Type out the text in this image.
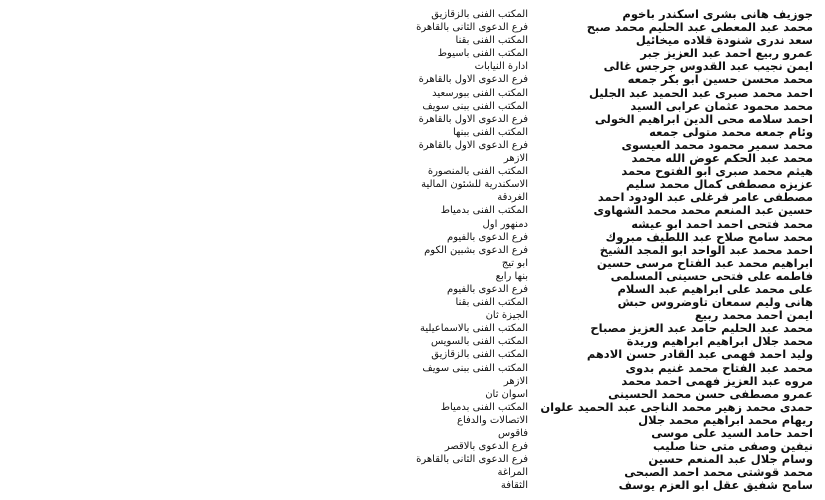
جوزيف هانى بشرى اسكندر باخوم
المكتب الفنى بالزقازيق
محمد عبد المعطى عبد الحليم محمد صبح
فرع الدعوى الثانى بالقاهرة
سعد ندرى شنودة قلاده ميخائيل
المكتب الفنى بقنا
عمرو ربيع احمد عبد العزيز جبر
المكتب الفنى باسيوط
ايمن نجيب عبد القدوس جرجس غالى
ادارة النيابات
محمد محسن حسين ابو بكر جمعه
فرع الدعوى الاول بالقاهرة
احمد محمد صبرى عبد الحميد عبد الجليل
المكتب الفنى ببورسعيد
محمد محمود عثمان عرابى السيد
المكتب الفنى ببنى سويف
احمد سلامه محى الدين ابراهيم الخولى
فرع الدعوى الاول بالقاهرة
وئام جمعه محمد متولى جمعه
المكتب الفنى ببنها
محمد سمير محمود محمد العيسوى
فرع الدعوى الاول بالقاهرة
محمد عبد الحكم عوض الله محمد
الازهر
هيثم محمد صبرى ابو الفتوح محمد
المكتب الفنى بالمنصورة
عزيزه مصطفى كمال محمد سليم
الاسكندرية للشئون المالية
مصطفى عامر فرغلى عبد الودود احمد
الغردقة
حسين عبد المنعم محمد محمد الشهاوى
المكتب الفنى بدمياط
محمد فتحى احمد احمد ابو عيشه
دمنهور اول
محمد سامح صلاح عبد اللطيف مبروك
فرع الدعوى بالفيوم
احمد محمد عبد الواحد ابو المجد الشيخ
فرع الدعوى بشبين الكوم
ابراهيم محمد عبد الفتاح مرسى حسين
ابو تيج
فاطمه على فتحى حسينى المسلمى
بنها رابع
على محمد على ابراهيم عبد السلام
فرع الدعوى بالفيوم
هانى وليم سمعان تاوضروس حبش
المكتب الفنى بقنا
ايمن احمد محمد ربيع
الجيزة ثان
محمد عبد الحليم حامد عبد العزيز مصباح
المكتب الفنى بالاسماعيلية
محمد جلال ابراهيم ابراهيم وريدة
المكتب الفنى بالسويس
وليد احمد فهمى عبد القادر حسن الادهم
المكتب الفنى بالزقازيق
محمد عبد الفتاح محمد غنيم بدوى
المكتب الفنى ببنى سويف
مروه عبد العزيز فهمى احمد محمد
الازهر
عمرو مصطفى حسن محمد الحسينى
اسوان ثان
حمدى محمد زهير محمد الناجى عبد الحميد علوان
المكتب الفنى بدمياط
ريهام محمد ابراهيم محمد جلال
الاتصالات والدفاع
احمد حامد السيد على موسى
فاقوس
نيفين وصفى متى حنا صليب
فرع الدعوى بالاقصر
وسام جلال عبد المنعم حسين
فرع الدعوى الثانى بالقاهرة
محمد قوشتى محمد احمد الصبحى
المراغة
سامح شفيق عقل ابو العزم يوسف
الثقافة
